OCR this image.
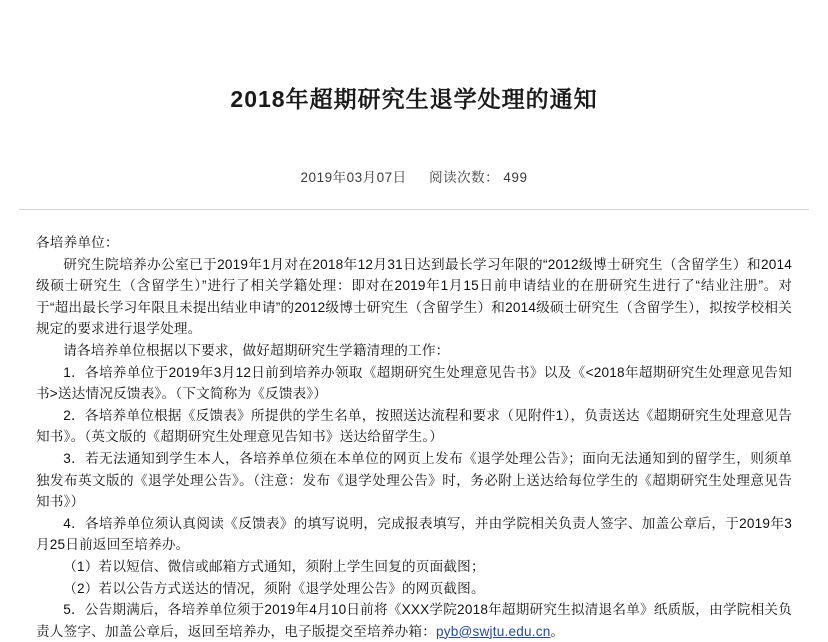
2018年超期研究生退学处理的通知
2019年03月07日 阅读次数： 499

各培养单位：

研究生院培养办公室已于2019年1月对在2018年12月31日达到最长学习年限的“2012级博士研究生（含留学生）和2014级硕士研究生（含留学生）”进行了相关学籍处理：即对在2019年1月15日前申请结业的在册研究生进行了“结业注册”。对于“超出最长学习年限且未提出结业申请”的2012级博士研究生（含留学生）和2014级硕士研究生（含留学生），拟按学校相关规定的要求进行退学处理。

请各培养单位根据以下要求，做好超期研究生学籍清理的工作：

1．各培养单位于2019年3月12日前到培养办领取《超期研究生处理意见告书》以及《<2018年超期研究生处理意见告知书>送达情况反馈表》。（下文简称为《反馈表》）

2．各培养单位根据《反馈表》所提供的学生名单，按照送达流程和要求（见附件1），负责送达《超期研究生处理意见告知书》。（英文版的《超期研究生处理意见告知书》送达给留学生。）

3．若无法通知到学生本人，各培养单位须在本单位的网页上发布《退学处理公告》；面向无法通知到的留学生，则须单独发布英文版的《退学处理公告》。（注意：发布《退学处理公告》时，务必附上送达给每位学生的《超期研究生处理意见告知书》）

4．各培养单位须认真阅读《反馈表》的填写说明，完成报表填写，并由学院相关负责人签字、加盖公章后，于2019年3月25日前返回至培养办。

（1）若以短信、微信或邮箱方式通知，须附上学生回复的页面截图；

（2）若以公告方式送达的情况，须附《退学处理公告》的网页截图。

5．公告期满后，各培养单位须于2019年4月10日前将《XXX学院2018年超期研究生拟清退名单》纸质版，由学院相关负责人签字、加盖公章后，返回至培养办，电子版提交至培养办箱：pyb@swjtu.edu.cn。
